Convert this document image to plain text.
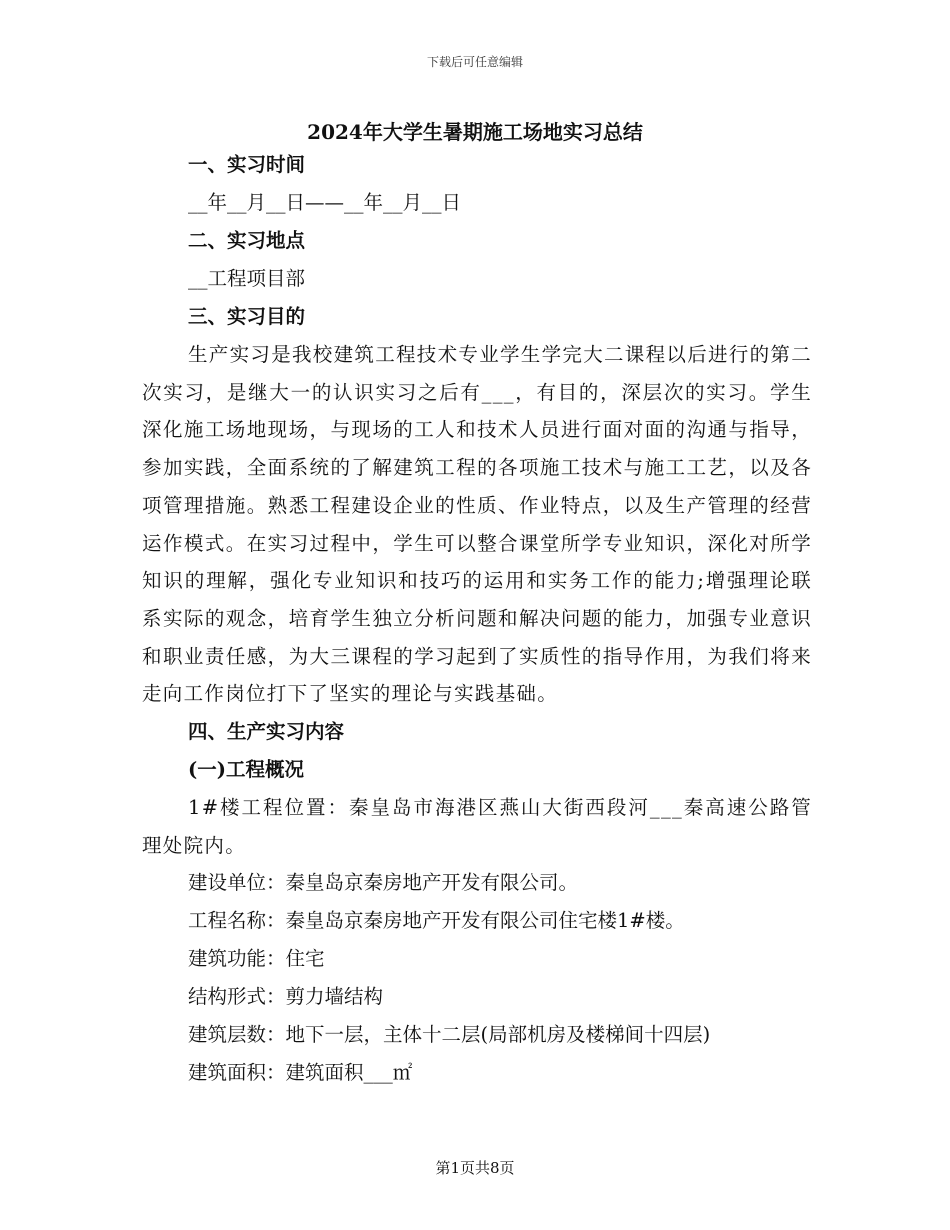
下载后可任意编辑
2024年大学生暑期施工场地实习总结
一、实习时间
__年__月__日——__年__月__日
二、实习地点
__工程项目部
三、实习目的
生产实习是我校建筑工程技术专业学生学完大二课程以后进行的第二次实习，是继大一的认识实习之后有___，有目的，深层次的实习。学生深化施工场地现场，与现场的工人和技术人员进行面对面的沟通与指导，参加实践，全面系统的了解建筑工程的各项施工技术与施工工艺，以及各项管理措施。熟悉工程建设企业的性质、作业特点，以及生产管理的经营运作模式。在实习过程中，学生可以整合课堂所学专业知识，深化对所学知识的理解，强化专业知识和技巧的运用和实务工作的能力;增强理论联系实际的观念，培育学生独立分析问题和解决问题的能力，加强专业意识和职业责任感，为大三课程的学习起到了实质性的指导作用，为我们将来走向工作岗位打下了坚实的理论与实践基础。
四、生产实习内容
(一)工程概况
1#楼工程位置：秦皇岛市海港区燕山大街西段河___秦高速公路管理处院内。
建设单位：秦皇岛京秦房地产开发有限公司。
工程名称：秦皇岛京秦房地产开发有限公司住宅楼1#楼。
建筑功能：住宅
结构形式：剪力墙结构
建筑层数：地下一层，主体十二层(局部机房及楼梯间十四层)
建筑面积：建筑面积___㎡
第1页共8页
